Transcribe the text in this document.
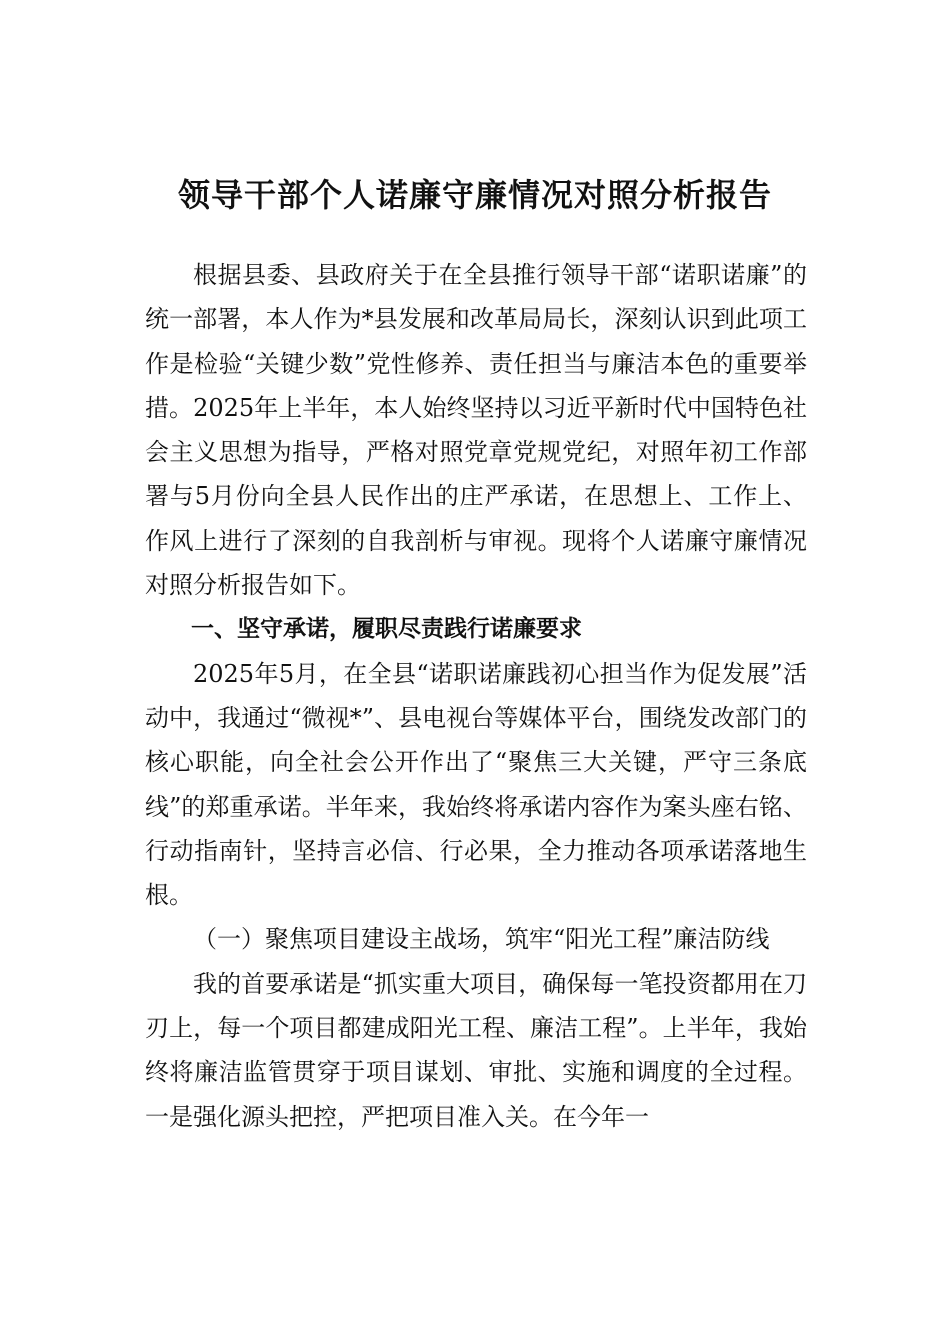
领导干部个人诺廉守廉情况对照分析报告

根据县委、县政府关于在全县推行领导干部“诺职诺廉”的统一部署，本人作为*县发展和改革局局长，深刻认识到此项工作是检验“关键少数”党性修养、责任担当与廉洁本色的重要举措。2025年上半年，本人始终坚持以习近平新时代中国特色社会主义思想为指导，严格对照党章党规党纪，对照年初工作部署与5月份向全县人民作出的庄严承诺，在思想上、工作上、作风上进行了深刻的自我剖析与审视。现将个人诺廉守廉情况对照分析报告如下。

一、坚守承诺，履职尽责践行诺廉要求

2025年5月，在全县“诺职诺廉践初心担当作为促发展”活动中，我通过“微视*”、县电视台等媒体平台，围绕发改部门的核心职能，向全社会公开作出了“聚焦三大关键，严守三条底线”的郑重承诺。半年来，我始终将承诺内容作为案头座右铭、行动指南针，坚持言必信、行必果，全力推动各项承诺落地生根。

（一）聚焦项目建设主战场，筑牢“阳光工程”廉洁防线

我的首要承诺是“抓实重大项目，确保每一笔投资都用在刀刃上，每一个项目都建成阳光工程、廉洁工程”。上半年，我始终将廉洁监管贯穿于项目谋划、审批、实施和调度的全过程。一是强化源头把控，严把项目准入关。在今年一
